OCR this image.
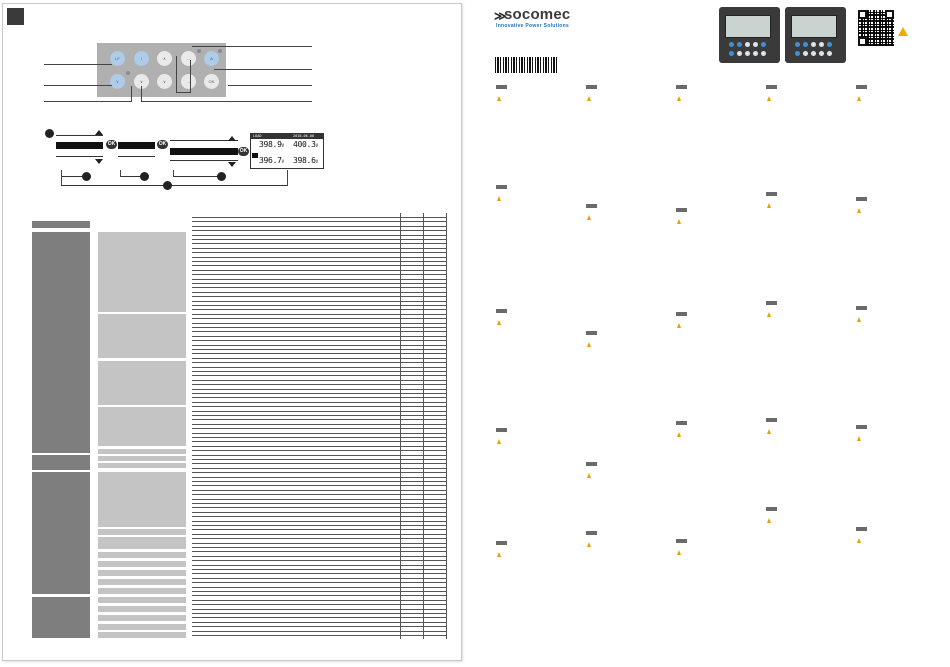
LF	I	∧	←	A
∨	∨	∨	→	OK
OK	OK
OK
LOAD	2018-06-06
398.9V 400.3V
396.7V 398.6V
≫
socomec
Innovative Power Solutions
